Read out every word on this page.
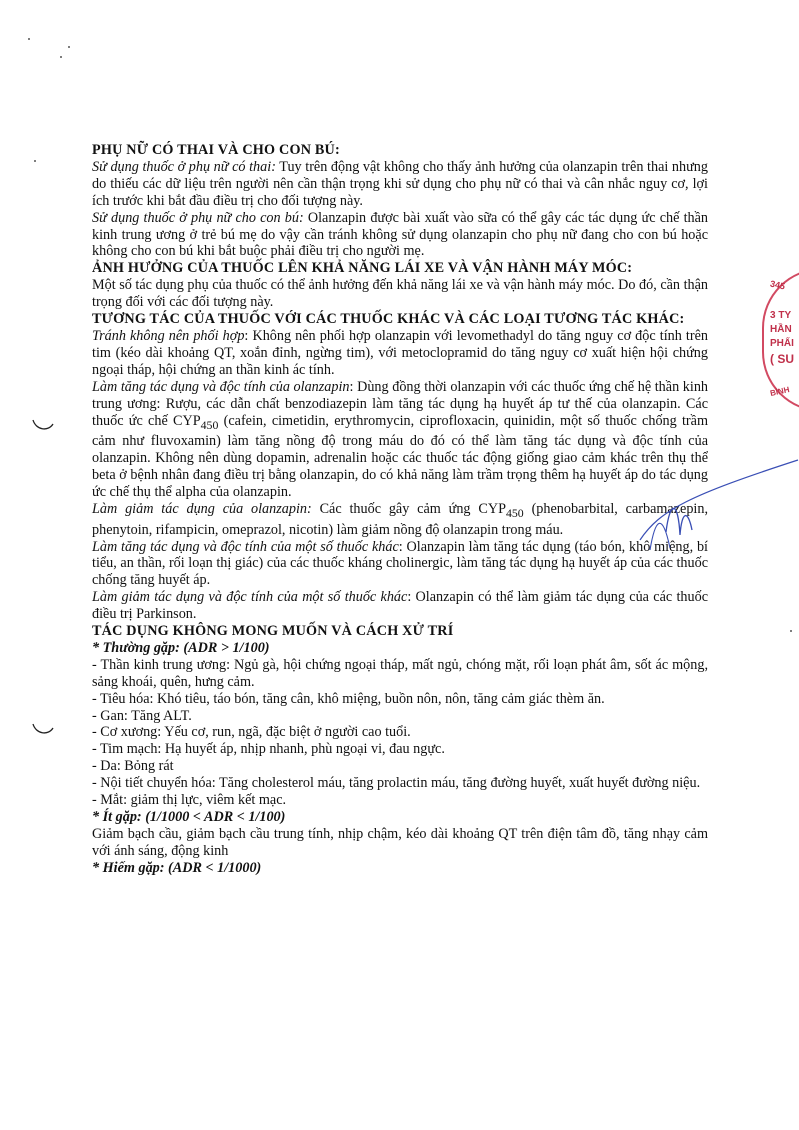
PHỤ NỮ CÓ THAI VÀ CHO CON BÚ:

Sử dụng thuốc ở phụ nữ có thai: Tuy trên động vật không cho thấy ảnh hưởng của olanzapin trên thai nhưng do thiếu các dữ liệu trên người nên cần thận trọng khi sử dụng cho phụ nữ có thai và cân nhắc nguy cơ, lợi ích trước khi bắt đầu điều trị cho đối tượng này.

Sử dụng thuốc ở phụ nữ cho con bú: Olanzapin được bài xuất vào sữa có thể gây các tác dụng ức chế thần kinh trung ương ở trẻ bú mẹ do vậy cần tránh không sử dụng olanzapin cho phụ nữ đang cho con bú hoặc không cho con bú khi bắt buộc phải điều trị cho người mẹ.

ẢNH HƯỞNG CỦA THUỐC LÊN KHẢ NĂNG LÁI XE VÀ VẬN HÀNH MÁY MÓC:

Một số tác dụng phụ của thuốc có thể ảnh hưởng đến khả năng lái xe và vận hành máy móc. Do đó, cần thận trọng đối với các đối tượng này.

TƯƠNG TÁC CỦA THUỐC VỚI CÁC THUỐC KHÁC VÀ CÁC LOẠI TƯƠNG TÁC KHÁC:

Tránh không nên phối hợp: Không nên phối hợp olanzapin với levomethadyl do tăng nguy cơ độc tính trên tim (kéo dài khoảng QT, xoắn đỉnh, ngừng tim), với metoclopramid do tăng nguy cơ xuất hiện hội chứng ngoại tháp, hội chứng an thần kinh ác tính.

Làm tăng tác dụng và độc tính của olanzapin: Dùng đồng thời olanzapin với các thuốc ứng chế hệ thần kinh trung ương: Rượu, các dẫn chất benzodiazepin làm tăng tác dụng hạ huyết áp tư thế của olanzapin. Các thuốc ức chế $CYP_{450}$ (cafein, cimetidin, erythromycin, ciprofloxacin, quinidin, một số thuốc chống trầm cảm như fluvoxamin) làm tăng nồng độ trong máu do đó có thể làm tăng tác dụng và độc tính của olanzapin. Không nên dùng dopamin, adrenalin hoặc các thuốc tác động giống giao cảm khác trên thụ thể beta ở bệnh nhân đang điều trị bằng olanzapin, do có khả năng làm trầm trọng thêm hạ huyết áp do tác dụng ức chế thụ thể alpha của olanzapin.

Làm giảm tác dụng của olanzapin: Các thuốc gây cảm ứng $CYP_{450}$ (phenobarbital, carbamazepin, phenytoin, rifampicin, omeprazol, nicotin) làm giảm nồng độ olanzapin trong máu.

Làm tăng tác dụng và độc tính của một số thuốc khác: Olanzapin làm tăng tác dụng (táo bón, khô miệng, bí tiểu, an thần, rối loạn thị giác) của các thuốc kháng cholinergic, làm tăng tác dụng hạ huyết áp của các thuốc chống tăng huyết áp.

Làm giảm tác dụng và độc tính của một số thuốc khác: Olanzapin có thể làm giảm tác dụng của các thuốc điều trị Parkinson.

TÁC DỤNG KHÔNG MONG MUỐN VÀ CÁCH XỬ TRÍ

* Thường gặp: (ADR > 1/100)

- Thần kinh trung ương: Ngủ gà, hội chứng ngoại tháp, mất ngủ, chóng mặt, rối loạn phát âm, sốt ác mộng, sảng khoái, quên, hưng cảm.

- Tiêu hóa: Khó tiêu, táo bón, tăng cân, khô miệng, buồn nôn, nôn, tăng cảm giác thèm ăn.

- Gan: Tăng ALT.

- Cơ xương: Yếu cơ, run, ngã, đặc biệt ở người cao tuổi.

- Tim mạch: Hạ huyết áp, nhịp nhanh, phù ngoại vi, đau ngực.

- Da: Bỏng rát

- Nội tiết chuyển hóa: Tăng cholesterol máu, tăng prolactin máu, tăng đường huyết, xuất huyết đường niệu.

- Mắt: giảm thị lực, viêm kết mạc.

* Ít gặp: (1/1000 < ADR < 1/100)

Giảm bạch cầu, giảm bạch cầu trung tính, nhịp chậm, kéo dài khoảng QT trên điện tâm đồ, tăng nhạy cảm với ánh sáng, động kinh

* Hiếm gặp: (ADR < 1/1000)

345
3 TY
HẦN
PHẨI
( SU
BÌNH
